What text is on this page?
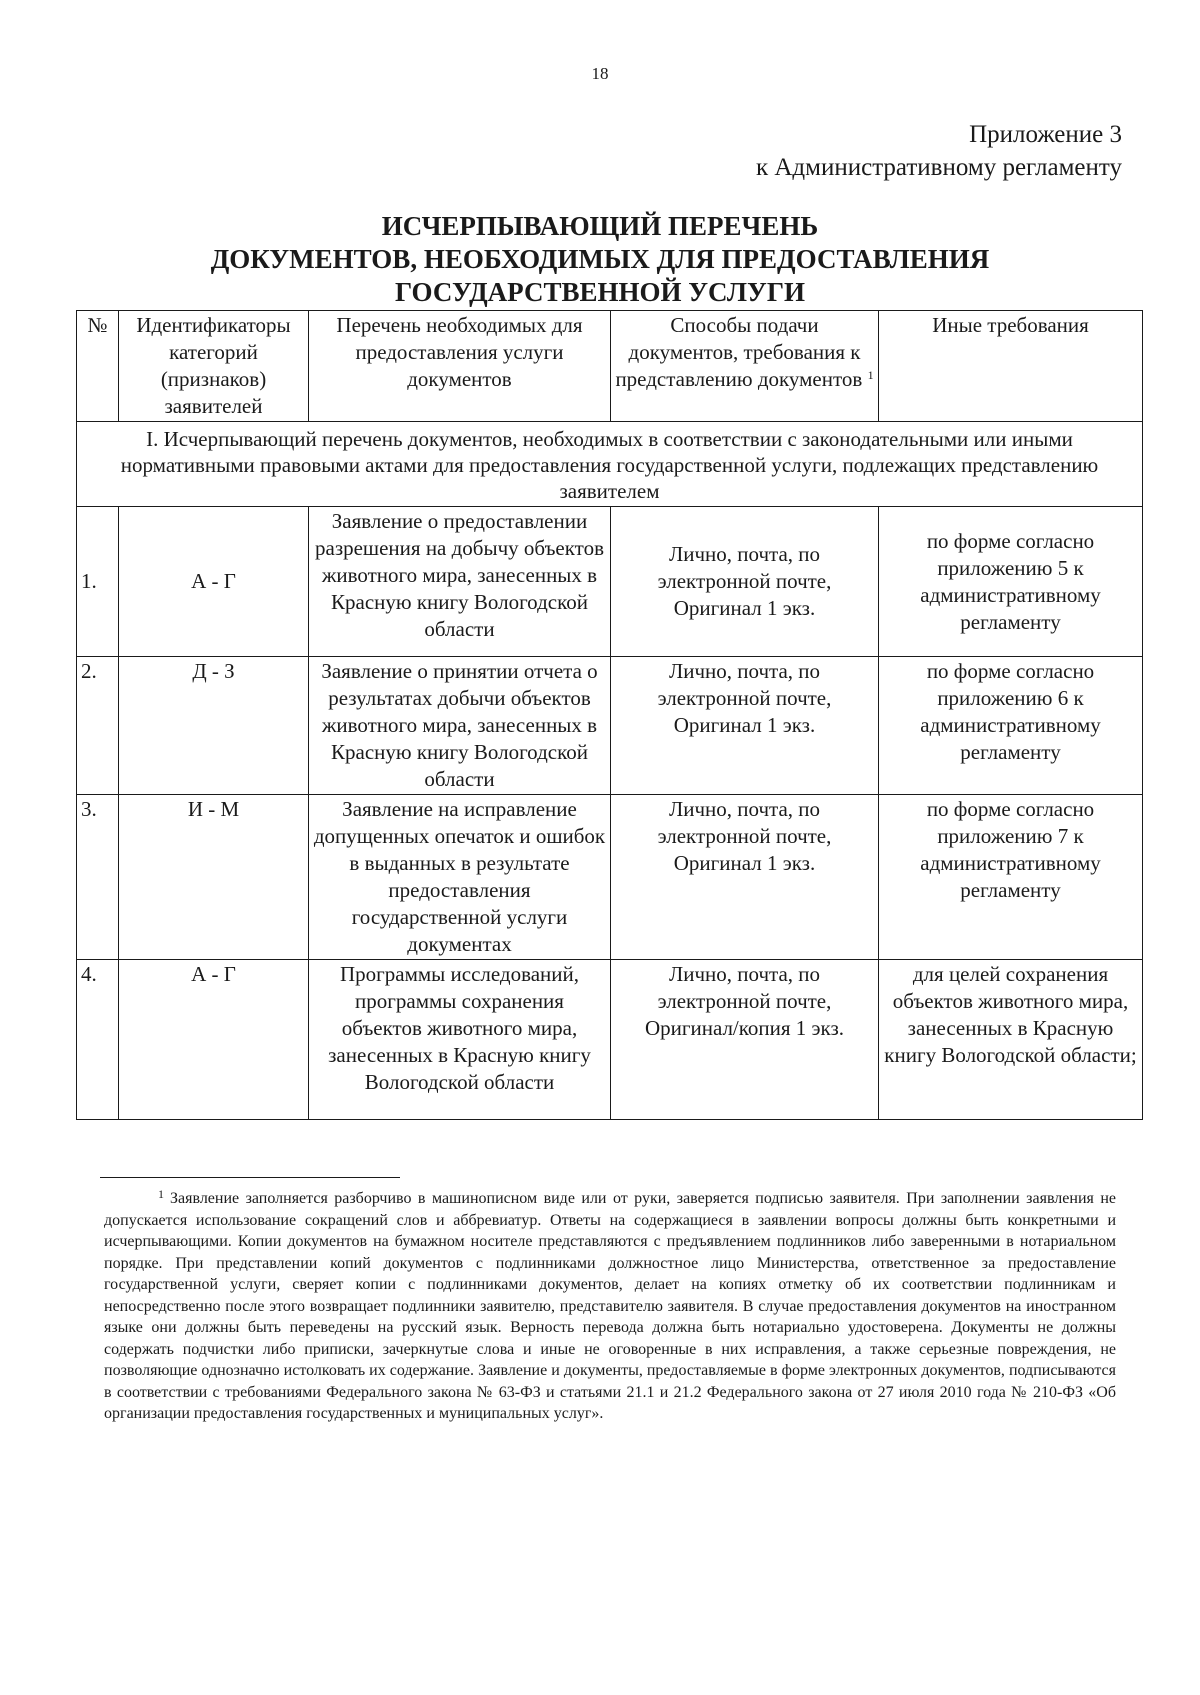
18
Приложение 3
к Административному регламенту
ИСЧЕРПЫВАЮЩИЙ ПЕРЕЧЕНЬ
ДОКУМЕНТОВ, НЕОБХОДИМЫХ ДЛЯ ПРЕДОСТАВЛЕНИЯ
ГОСУДАРСТВЕННОЙ УСЛУГИ
№	Идентификаторы категорий (признаков) заявителей	Перечень необходимых для предоставления услуги документов	Способы подачи документов, требования к представлению документов $^1$	Иные требования
I. Исчерпывающий перечень документов, необходимых в соответствии с законодательными или иными нормативными правовыми актами для предоставления государственной услуги, подлежащих представлению заявителем				
1.	А - Г	Заявление о предоставлении разрешения на добычу объектов животного мира, занесенных в Красную книгу Вологодской области	Лично, почта, по электронной почте, Оригинал 1 экз.	по форме согласно приложению 5 к административному регламенту
2.	Д - З	Заявление о принятии отчета о результатах добычи объектов животного мира, занесенных в Красную книгу Вологодской области	Лично, почта, по электронной почте, Оригинал 1 экз.	по форме согласно приложению 6 к административному регламенту
3.	И - М	Заявление на исправление допущенных опечаток и ошибок в выданных в результате предоставления государственной услуги документах	Лично, почта, по электронной почте, Оригинал 1 экз.	по форме согласно приложению 7 к административному регламенту
4.	А - Г	Программы исследований, программы сохранения объектов животного мира, занесенных в Красную книгу Вологодской области	Лично, почта, по электронной почте, Оригинал/копия 1 экз.	для целей сохранения объектов животного мира, занесенных в Красную книгу Вологодской области;

$^1$ Заявление заполняется разборчиво в машинописном виде или от руки, заверяется подписью заявителя. При заполнении заявления не допускается использование сокращений слов и аббревиатур. Ответы на содержащиеся в заявлении вопросы должны быть конкретными и исчерпывающими. Копии документов на бумажном носителе представляются с предъявлением подлинников либо заверенными в нотариальном порядке. При представлении копий документов с подлинниками должностное лицо Министерства, ответственное за предоставление государственной услуги, сверяет копии с подлинниками документов, делает на копиях отметку об их соответствии подлинникам и непосредственно после этого возвращает подлинники заявителю, представителю заявителя. В случае предоставления документов на иностранном языке они должны быть переведены на русский язык. Верность перевода должна быть нотариально удостоверена. Документы не должны содержать подчистки либо приписки, зачеркнутые слова и иные не оговоренные в них исправления, а также серьезные повреждения, не позволяющие однозначно истолковать их содержание. Заявление и документы, предоставляемые в форме электронных документов, подписываются в соответствии с требованиями Федерального закона № 63-ФЗ и статьями 21.1 и 21.2 Федерального закона от 27 июля 2010 года № 210-ФЗ «Об организации предоставления государственных и муниципальных услуг».
